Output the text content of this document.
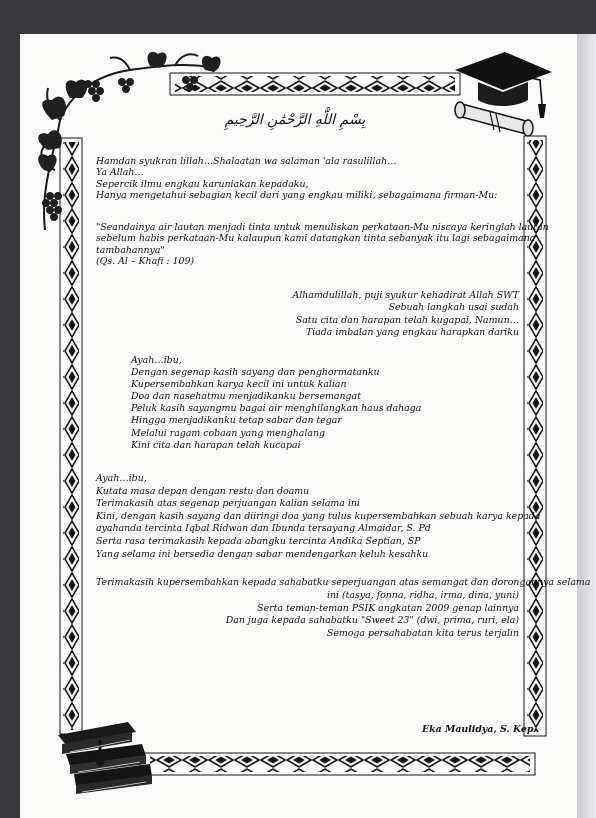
بِسْمِ اللَّهِ الرَّحْمَٰنِ الرَّحِيمِ
Hamdan syukran lillah…Shalaatan wa salaman 'ala rasulillah…
Ya Allah…
Sepercik ilmu engkau karuniakan kepadaku,
Hanya mengetahui sebagian kecil dari yang engkau miliki, sebagaimana firman-Mu:
"Seandainya air lautan menjadi tinta untuk menuliskan perkataan-Mu niscaya keringlah lautan
sebelum habis perkataan-Mu kalaupun kami datangkan tinta sebanyak itu lagi sebagaimana
tambahannya"
(Qs. Al – Khafi : 109)
Alhamdulillah, puji syukur kehadirat Allah SWT
Sebuah langkah usai sudah
Satu cita dan harapan telah kugapai, Namun…
Tiada imbalan yang engkau harapkan dariku
Ayah…ibu,
Dengan segenap kasih sayang dan penghormatanku
Kupersembahkan karya kecil ini untuk kalian
Doa dan nasehatmu menjadikanku bersemangat
Peluk kasih sayangmu bagai air menghilangkan haus dahaga
Hingga menjadikanku tetap sabar dan tegar
Melalui ragam cobaan yang menghalang
Kini cita dan harapan telah kucapai
Ayah…ibu,
Kutata masa depan dengan restu dan doamu
Terimakasih atas segenap perjuangan kalian selama ini
Kini, dengan kasih sayang dan diiringi doa yang tulus kupersembahkan sebuah karya kepada
ayahanda tercinta Iqbal Ridwan dan Ibunda tersayang Almaidar, S. Pd
Serta rasa terimakasih kepada abangku tercinta Andika Septian, SP
Yang selama ini bersedia dengan sabar mendengarkan keluh kesahku
Terimakasih kupersembahkan kepada sahabatku seperjuangan atas semangat dan dorongannya selama
ini (tasya, fonna, ridha, irma, dina, yuni)
Serta teman-teman PSIK angkatan 2009 genap lainnya
Dan juga kepada sahabatku "Sweet 23" (dwi, prima, ruri, ela)
Semoga persahabatan kita terus terjalin
Eka Maulidya, S. Kep
